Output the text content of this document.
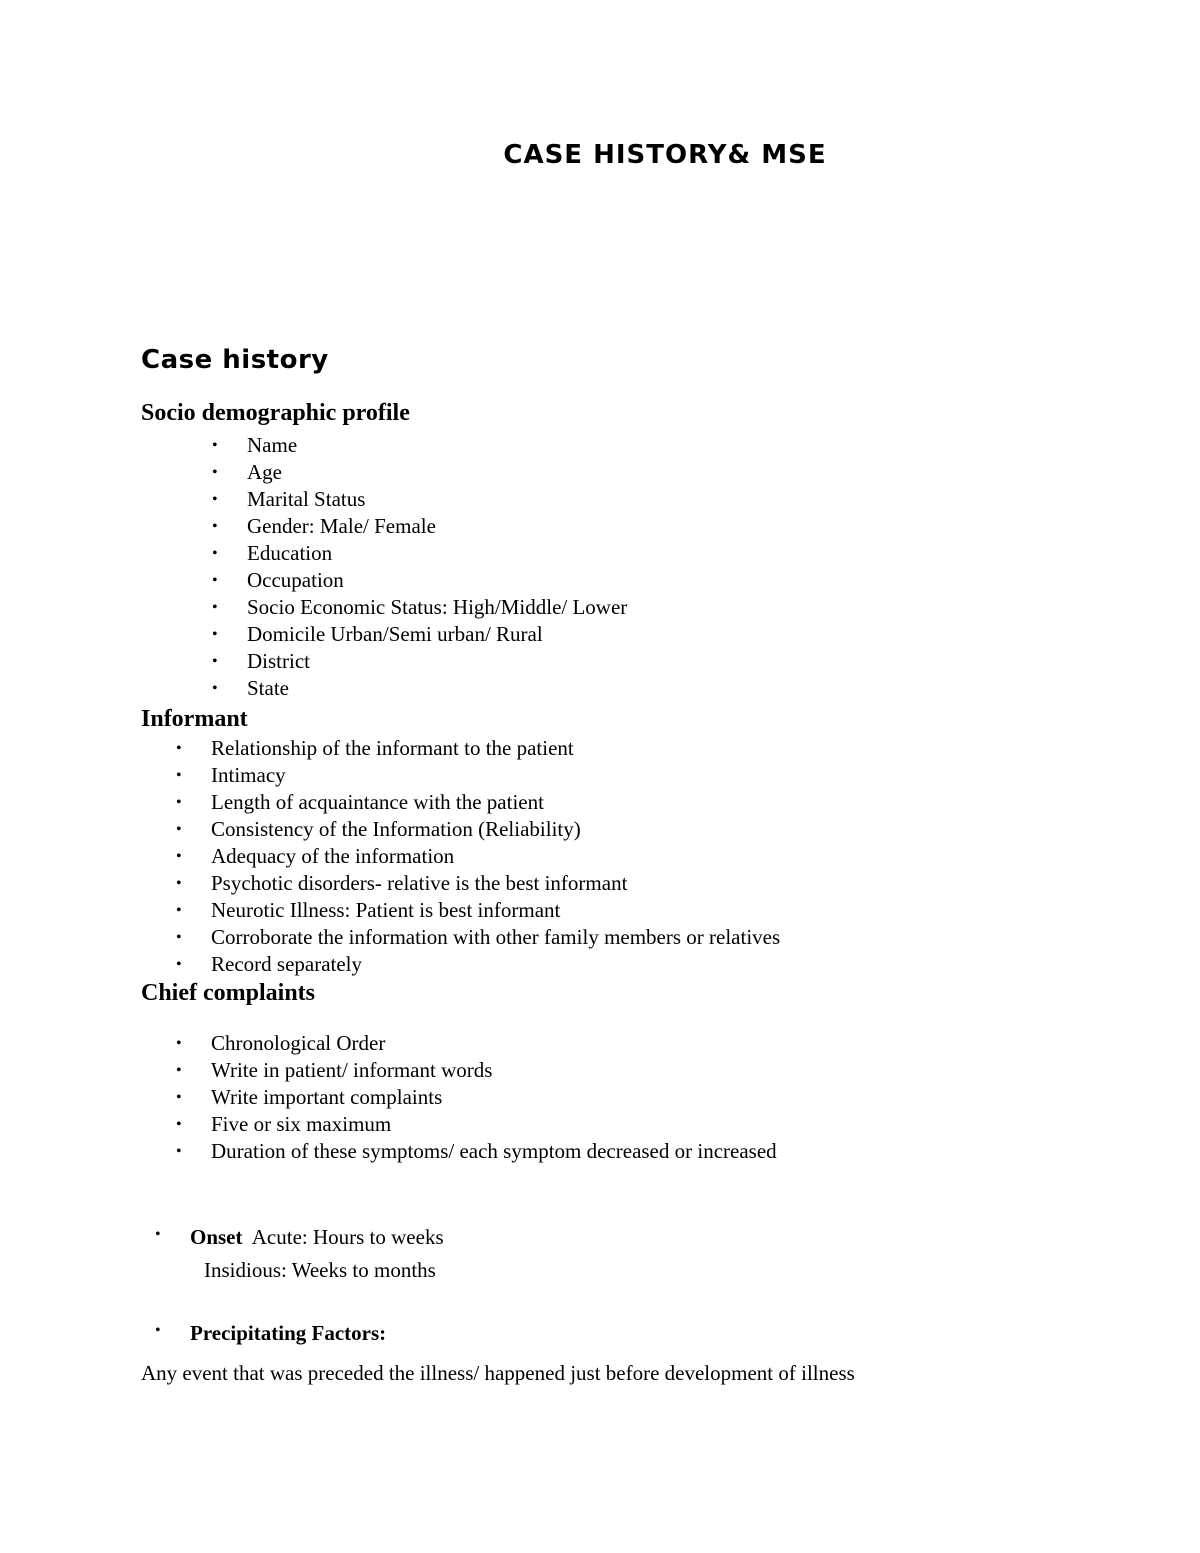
CASE HISTORY& MSE
Case history
Socio demographic profile
• Name
• Age
• Marital Status
• Gender: Male/ Female
• Education
• Occupation
• Socio Economic Status: High/Middle/ Lower
• Domicile Urban/Semi urban/ Rural
• District
• State
Informant
• Relationship of the informant to the patient
• Intimacy
• Length of acquaintance with the patient
• Consistency of the Information (Reliability)
• Adequacy of the information
• Psychotic disorders- relative is the best informant
• Neurotic Illness: Patient is best informant
• Corroborate the information with other family members or relatives
• Record separately
Chief complaints
• Chronological Order
• Write in patient/ informant words
• Write important complaints
• Five or six maximum
• Duration of these symptoms/ each symptom decreased or increased
• Onset Acute: Hours to weeks
Insidious: Weeks to months
• Precipitating Factors:
Any event that was preceded the illness/ happened just before development of illness
